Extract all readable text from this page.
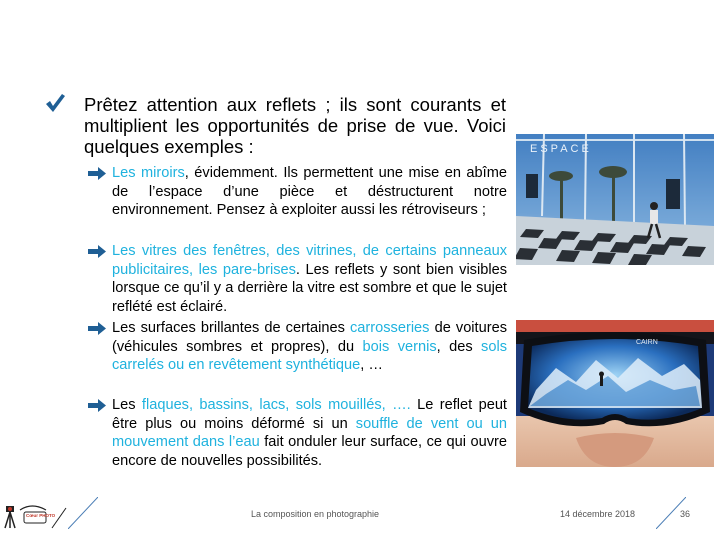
Prêtez attention aux reflets ; ils sont courants et multiplient les opportunités de prise de vue. Voici quelques exemples :
Les miroirs, évidemment. Ils permettent une mise en abîme de l’espace d’une pièce et déstructurent notre environnement. Pensez à exploiter aussi les rétroviseurs ;
Les vitres des fenêtres, des vitrines, de certains panneaux publicitaires, les pare-brises. Les reflets y sont bien visibles lorsque ce qu’il y a derrière la vitre est sombre et que le sujet reflété est éclairé.
Les surfaces brillantes de certaines carrosseries de voitures (véhicules sombres et propres), du bois vernis, des sols carrelés ou en revêtement synthétique, …
Les flaques, bassins, lacs, sols mouillés, …. Le reflet peut être plus ou moins déformé si un souffle de vent ou un mouvement dans l’eau fait onduler leur surface, ce qui ouvre encore de nouvelles possibilités.
ESPACE
CAIRN
Cœur PHOTO	La composition en photographie	14 décembre 2018	36
